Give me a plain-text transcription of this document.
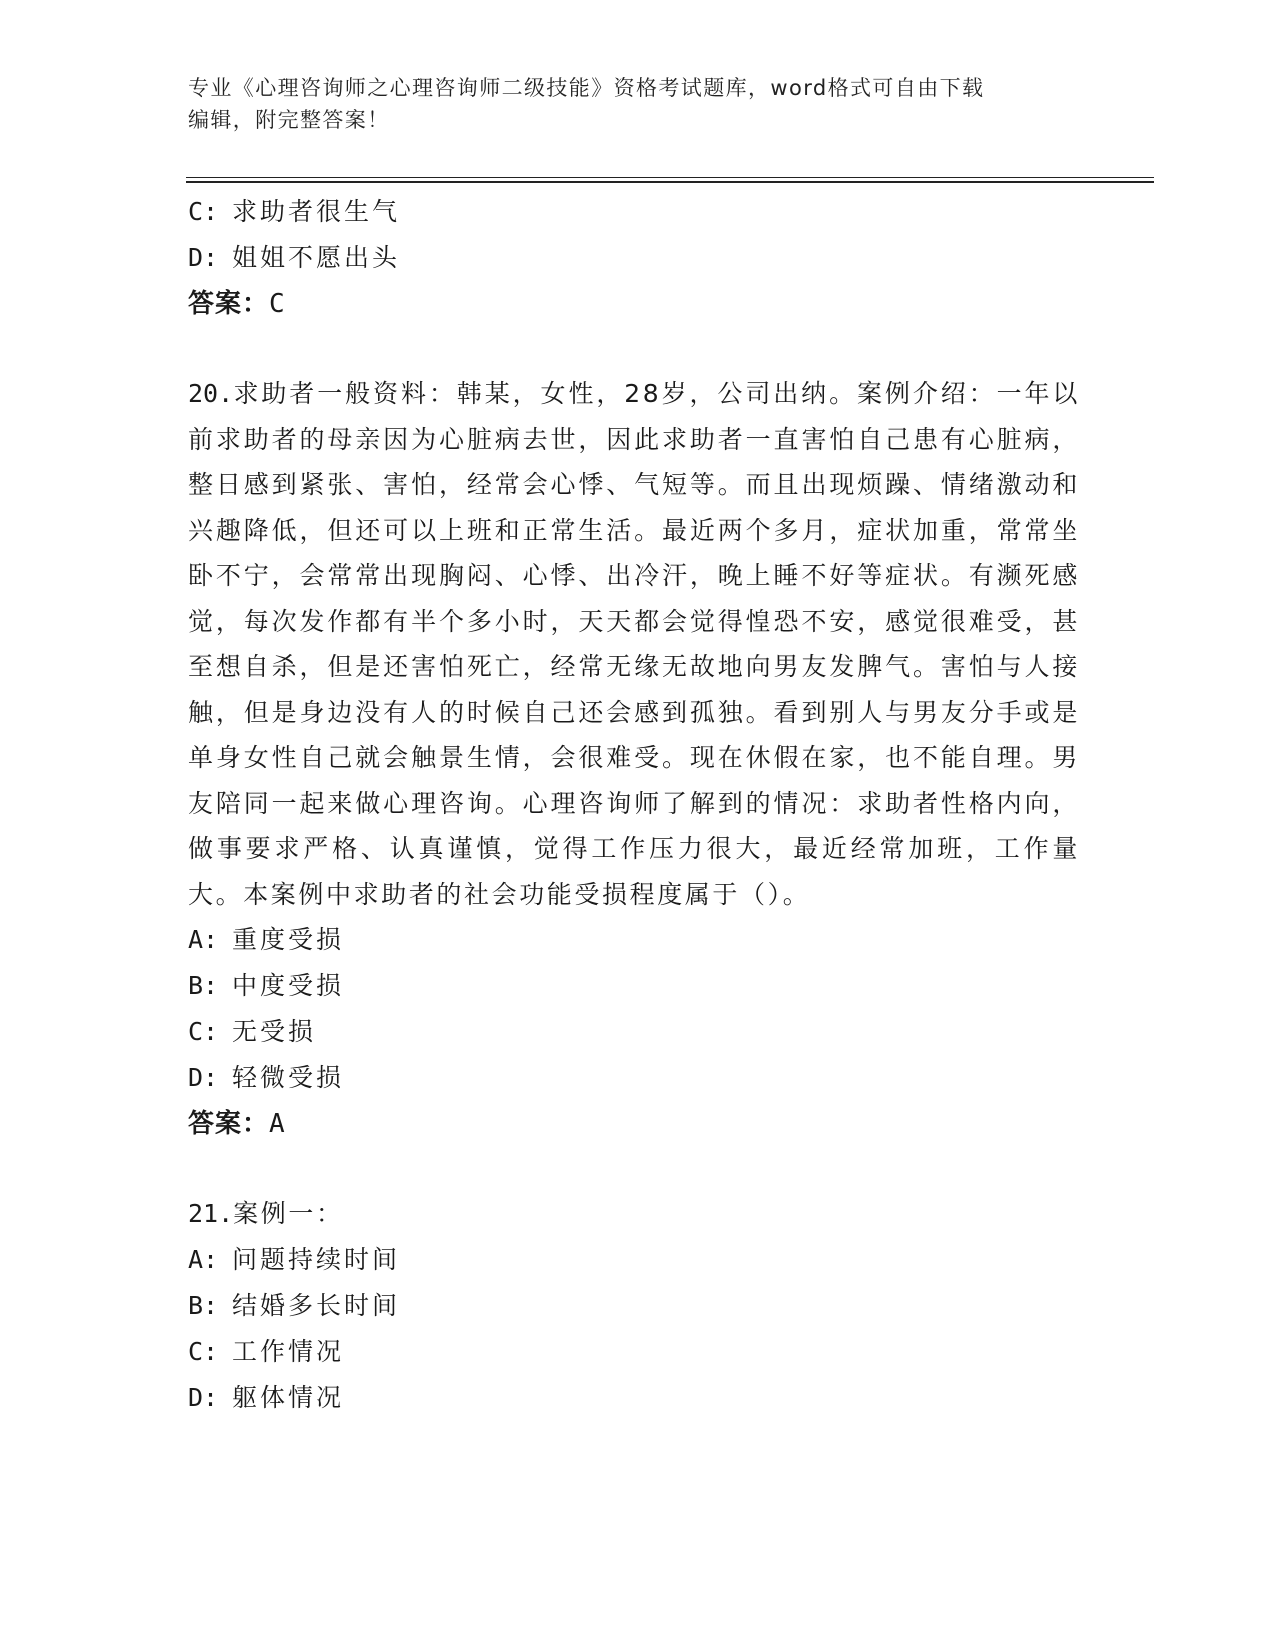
专业《心理咨询师之心理咨询师二级技能》资格考试题库，word格式可自由下载
编辑，附完整答案！
C: 求助者很生气
D: 姐姐不愿出头
答案：C
20.求助者一般资料：韩某，女性，28岁，公司出纳。案例介绍：一年以前求助者的母亲因为心脏病去世，因此求助者一直害怕自己患有心脏病，整日感到紧张、害怕，经常会心悸、气短等。而且出现烦躁、情绪激动和兴趣降低，但还可以上班和正常生活。最近两个多月，症状加重，常常坐卧不宁，会常常出现胸闷、心悸、出冷汗，晚上睡不好等症状。有濒死感觉，每次发作都有半个多小时，天天都会觉得惶恐不安，感觉很难受，甚至想自杀，但是还害怕死亡，经常无缘无故地向男友发脾气。害怕与人接触，但是身边没有人的时候自己还会感到孤独。看到别人与男友分手或是单身女性自己就会触景生情，会很难受。现在休假在家，也不能自理。男友陪同一起来做心理咨询。心理咨询师了解到的情况：求助者性格内向，做事要求严格、认真谨慎，觉得工作压力很大，最近经常加班，工作量大。本案例中求助者的社会功能受损程度属于（）。
A: 重度受损
B: 中度受损
C: 无受损
D: 轻微受损
答案：A
21.案例一：
A: 问题持续时间
B: 结婚多长时间
C: 工作情况
D: 躯体情况
